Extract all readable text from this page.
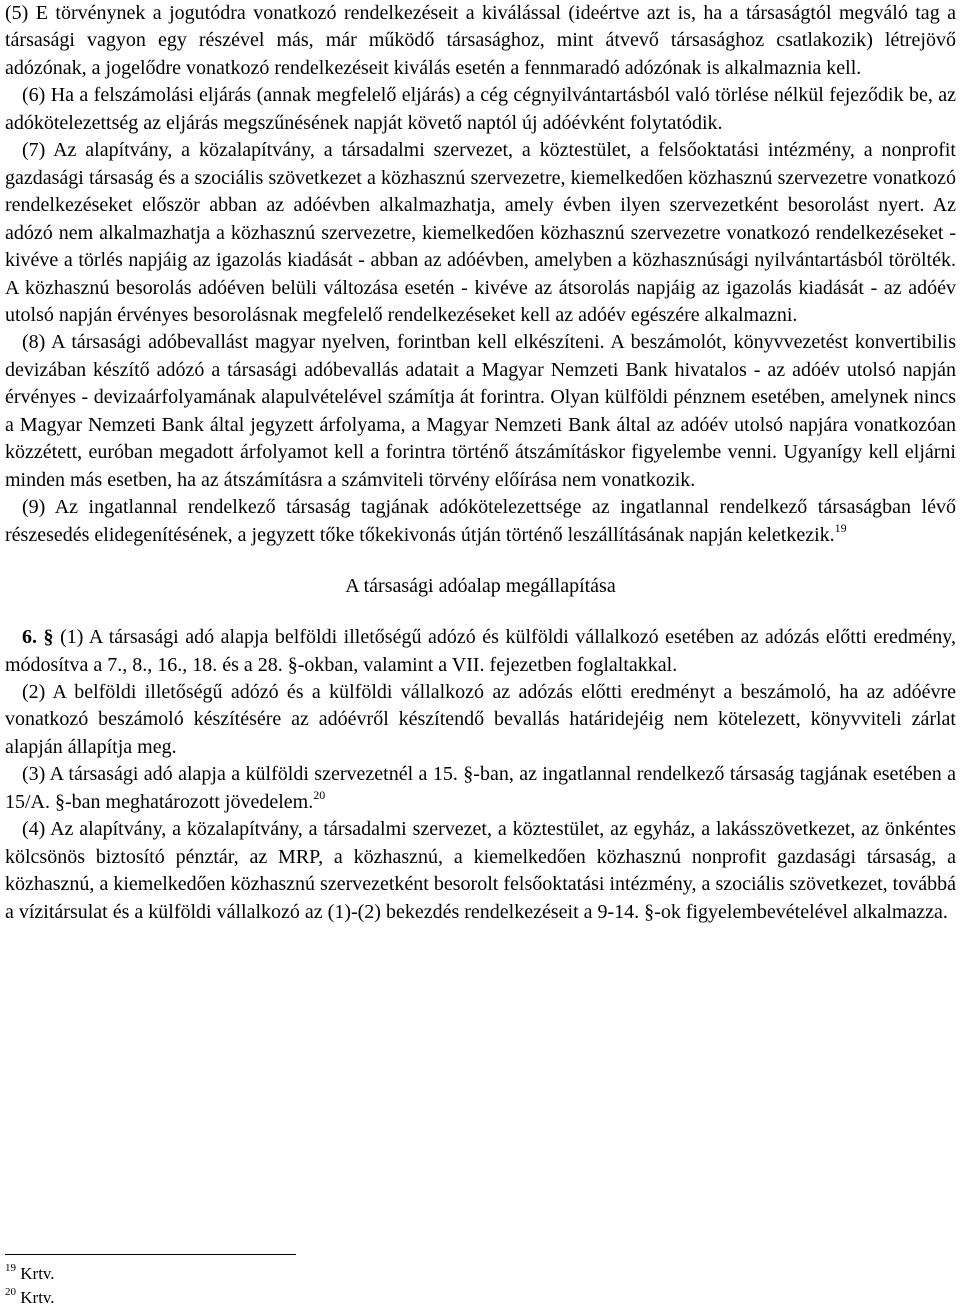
(5) E törvénynek a jogutódra vonatkozó rendelkezéseit a kiválással (ideértve azt is, ha a társaságtól megváló tag a társasági vagyon egy részével más, már működő társasághoz, mint átvevő társasághoz csatlakozik) létrejövő adózónak, a jogelődre vonatkozó rendelkezéseit kiválás esetén a fennmaradó adózónak is alkalmaznia kell.

(6) Ha a felszámolási eljárás (annak megfelelő eljárás) a cég cégnyilvántartásból való törlése nélkül fejeződik be, az adókötelezettség az eljárás megszűnésének napját követő naptól új adóévként folytatódik.

(7) Az alapítvány, a közalapítvány, a társadalmi szervezet, a köztestület, a felsőoktatási intézmény, a nonprofit gazdasági társaság és a szociális szövetkezet a közhasznú szervezetre, kiemelkedően közhasznú szervezetre vonatkozó rendelkezéseket először abban az adóévben alkalmazhatja, amely évben ilyen szervezetként besorolást nyert. Az adózó nem alkalmazhatja a közhasznú szervezetre, kiemelkedően közhasznú szervezetre vonatkozó rendelkezéseket - kivéve a törlés napjáig az igazolás kiadását - abban az adóévben, amelyben a közhasznúsági nyilvántartásból törölték. A közhasznú besorolás adóéven belüli változása esetén - kivéve az átsorolás napjáig az igazolás kiadását - az adóév utolsó napján érvényes besorolásnak megfelelő rendelkezéseket kell az adóév egészére alkalmazni.

(8) A társasági adóbevallást magyar nyelven, forintban kell elkészíteni. A beszámolót, könyvvezetést konvertibilis devizában készítő adózó a társasági adóbevallás adatait a Magyar Nemzeti Bank hivatalos - az adóév utolsó napján érvényes - devizaárfolyamának alapulvételével számítja át forintra. Olyan külföldi pénznem esetében, amelynek nincs a Magyar Nemzeti Bank által jegyzett árfolyama, a Magyar Nemzeti Bank által az adóév utolsó napjára vonatkozóan közzétett, euróban megadott árfolyamot kell a forintra történő átszámításkor figyelembe venni. Ugyanígy kell eljárni minden más esetben, ha az átszámításra a számviteli törvény előírása nem vonatkozik.

(9) Az ingatlannal rendelkező társaság tagjának adókötelezettsége az ingatlannal rendelkező társaságban lévő részesedés elidegenítésének, a jegyzett tőke tőkekivonás útján történő leszállításának napján keletkezik.$^{19}$

A társasági adóalap megállapítása

6. § (1) A társasági adó alapja belföldi illetőségű adózó és külföldi vállalkozó esetében az adózás előtti eredmény, módosítva a 7., 8., 16., 18. és a 28. §-okban, valamint a VII. fejezetben foglaltakkal.

(2) A belföldi illetőségű adózó és a külföldi vállalkozó az adózás előtti eredményt a beszámoló, ha az adóévre vonatkozó beszámoló készítésére az adóévről készítendő bevallás határidejéig nem kötelezett, könyvviteli zárlat alapján állapítja meg.

(3) A társasági adó alapja a külföldi szervezetnél a 15. §-ban, az ingatlannal rendelkező társaság tagjának esetében a 15/A. §-ban meghatározott jövedelem.$^{20}$

(4) Az alapítvány, a közalapítvány, a társadalmi szervezet, a köztestület, az egyház, a lakásszövetkezet, az önkéntes kölcsönös biztosító pénztár, az MRP, a közhasznú, a kiemelkedően közhasznú nonprofit gazdasági társaság, a közhasznú, a kiemelkedően közhasznú szervezetként besorolt felsőoktatási intézmény, a szociális szövetkezet, továbbá a vízitársulat és a külföldi vállalkozó az (1)-(2) bekezdés rendelkezéseit a 9-14. §-ok figyelembevételével alkalmazza.

$^{19}$ Krtv.
$^{20}$ Krtv.
